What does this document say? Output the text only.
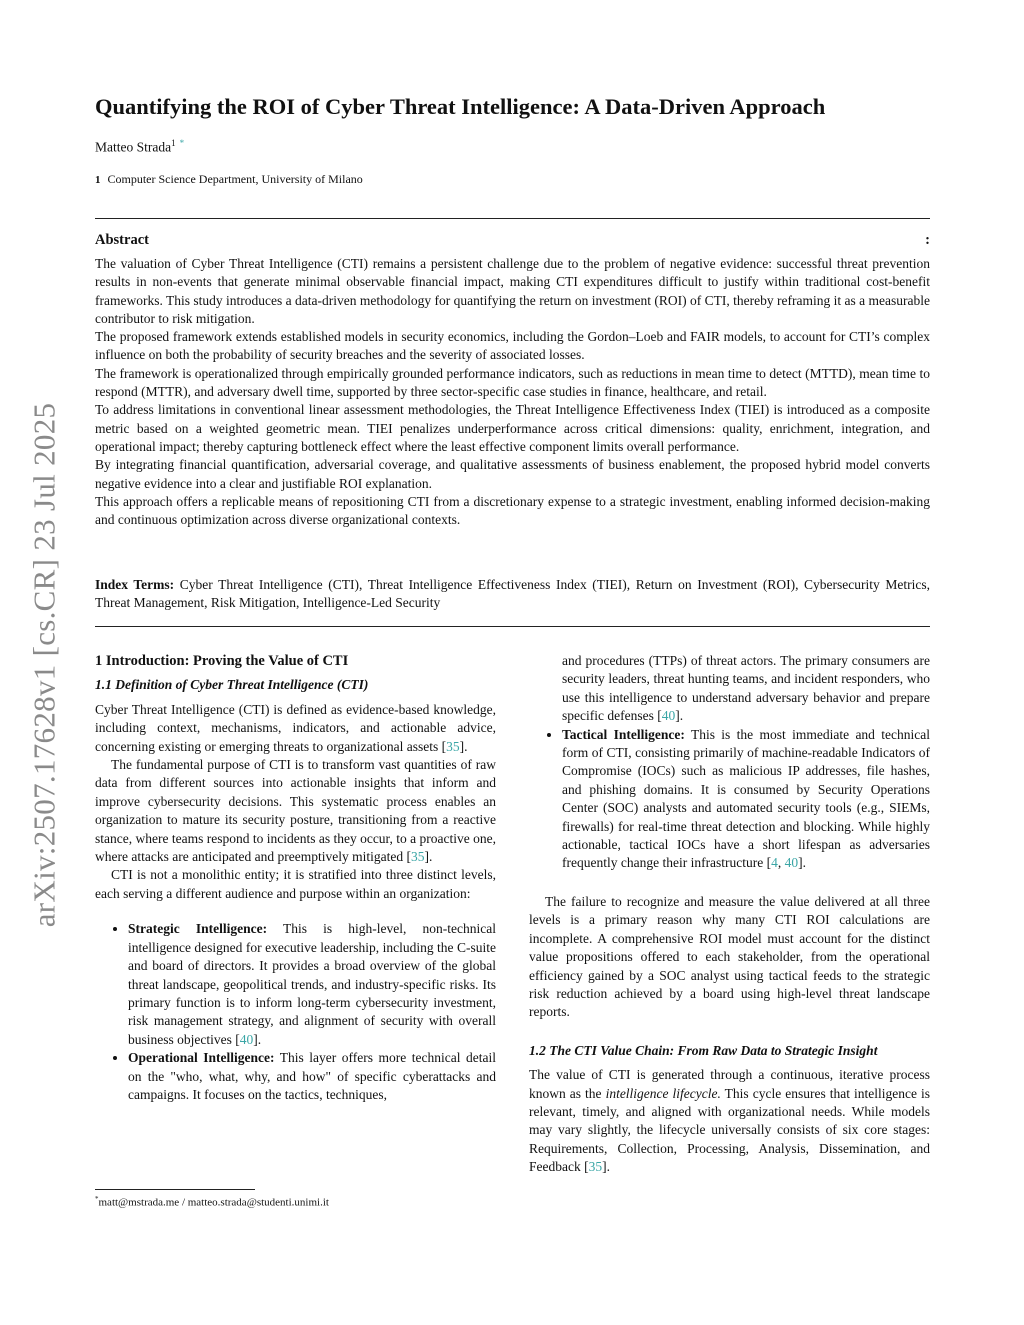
arXiv:2507.17628v1 [cs.CR] 23 Jul 2025
Quantifying the ROI of Cyber Threat Intelligence: A Data-Driven Approach
Matteo Strada$^1$ *
1 Computer Science Department, University of Milano
Abstract	:

The valuation of Cyber Threat Intelligence (CTI) remains a persistent challenge due to the problem of negative evidence: successful threat prevention results in non-events that generate minimal observable financial impact, making CTI expenditures difficult to justify within traditional cost-benefit frameworks. This study introduces a data-driven methodology for quantifying the return on investment (ROI) of CTI, thereby reframing it as a measurable contributor to risk mitigation.

The proposed framework extends established models in security economics, including the Gordon–Loeb and FAIR models, to account for CTI’s complex influence on both the probability of security breaches and the severity of associated losses.

The framework is operationalized through empirically grounded performance indicators, such as reductions in mean time to detect (MTTD), mean time to respond (MTTR), and adversary dwell time, supported by three sector-specific case studies in finance, healthcare, and retail.

To address limitations in conventional linear assessment methodologies, the Threat Intelligence Effectiveness Index (TIEI) is introduced as a composite metric based on a weighted geometric mean. TIEI penalizes underperformance across critical dimensions: quality, enrichment, integration, and operational impact; thereby capturing bottleneck effect where the least effective component limits overall performance.

By integrating financial quantification, adversarial coverage, and qualitative assessments of business enablement, the proposed hybrid model converts negative evidence into a clear and justifiable ROI explanation.

This approach offers a replicable means of repositioning CTI from a discretionary expense to a strategic investment, enabling informed decision-making and continuous optimization across diverse organizational contexts.

Index Terms: Cyber Threat Intelligence (CTI), Threat Intelligence Effectiveness Index (TIEI), Return on Investment (ROI), Cybersecurity Metrics, Threat Management, Risk Mitigation, Intelligence-Led Security
1 Introduction: Proving the Value of CTI
1.1 Definition of Cyber Threat Intelligence (CTI)

Cyber Threat Intelligence (CTI) is defined as evidence-based knowledge, including context, mechanisms, indicators, and actionable advice, concerning existing or emerging threats to organizational assets [35].

The fundamental purpose of CTI is to transform vast quantities of raw data from different sources into actionable insights that inform and improve cybersecurity decisions. This systematic process enables an organization to mature its security posture, transitioning from a reactive stance, where teams respond to incidents as they occur, to a proactive one, where attacks are anticipated and preemptively mitigated [35].

CTI is not a monolithic entity; it is stratified into three distinct levels, each serving a different audience and purpose within an organization:

• Strategic Intelligence: This is high-level, non-technical intelligence designed for executive leadership, including the C-suite and board of directors. It provides a broad overview of the global threat landscape, geopolitical trends, and industry-specific risks. Its primary function is to inform long-term cybersecurity investment, risk management strategy, and alignment of security with overall business objectives [40].
• Operational Intelligence: This layer offers more technical detail on the "who, what, why, and how" of specific cyberattacks and campaigns. It focuses on the tactics, techniques,
and procedures (TTPs) of threat actors. The primary consumers are security leaders, threat hunting teams, and incident responders, who use this intelligence to understand adversary behavior and prepare specific defenses [40].
• Tactical Intelligence: This is the most immediate and technical form of CTI, consisting primarily of machine-readable Indicators of Compromise (IOCs) such as malicious IP addresses, file hashes, and phishing domains. It is consumed by Security Operations Center (SOC) analysts and automated security tools (e.g., SIEMs, firewalls) for real-time threat detection and blocking. While highly actionable, tactical IOCs have a short lifespan as adversaries frequently change their infrastructure [4, 40].

The failure to recognize and measure the value delivered at all three levels is a primary reason why many CTI ROI calculations are incomplete. A comprehensive ROI model must account for the distinct value propositions offered to each stakeholder, from the operational efficiency gained by a SOC analyst using tactical feeds to the strategic risk reduction achieved by a board using high-level threat landscape reports.

1.2 The CTI Value Chain: From Raw Data to Strategic Insight

The value of CTI is generated through a continuous, iterative process known as the intelligence lifecycle. This cycle ensures that intelligence is relevant, timely, and aligned with organizational needs. While models may vary slightly, the lifecycle universally consists of six core stages: Requirements, Collection, Processing, Analysis, Dissemination, and Feedback [35].

*matt@mstrada.me / matteo.strada@studenti.unimi.it
